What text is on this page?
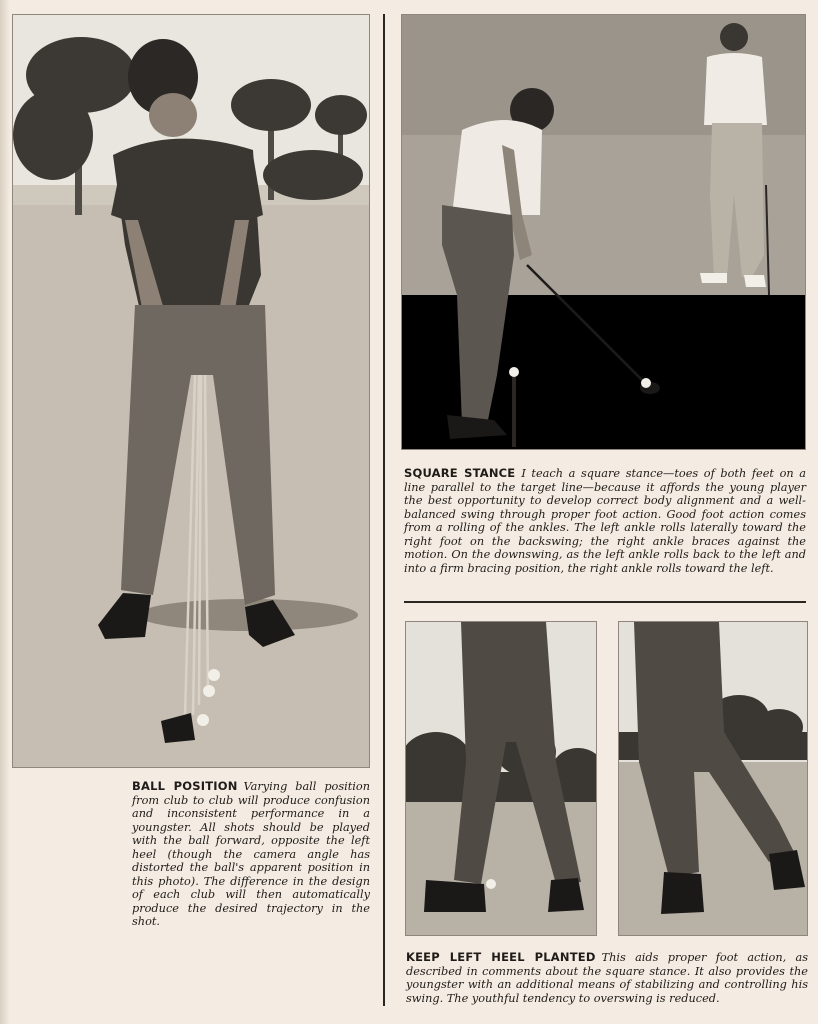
SQUARE STANCE I teach a square stance—toes of both feet on a line parallel to the target line—because it affords the young player the best opportunity to develop correct body alignment and a well-balanced swing through proper foot action. Good foot action comes from a rolling of the ankles. The left ankle rolls laterally toward the right foot on the backswing; the right ankle braces against the motion. On the downswing, as the left ankle rolls back to the left and into a firm bracing position, the right ankle rolls toward the left.
BALL POSITION Varying ball position from club to club will produce confusion and inconsistent performance in a youngster. All shots should be played with the ball forward, opposite the left heel (though the camera angle has distorted the ball's apparent position in this photo). The difference in the design of each club will then automatically produce the desired trajectory in the shot.
KEEP LEFT HEEL PLANTED This aids proper foot action, as described in comments about the square stance. It also provides the youngster with an additional means of stabilizing and controlling his swing. The youthful tendency to overswing is reduced.
